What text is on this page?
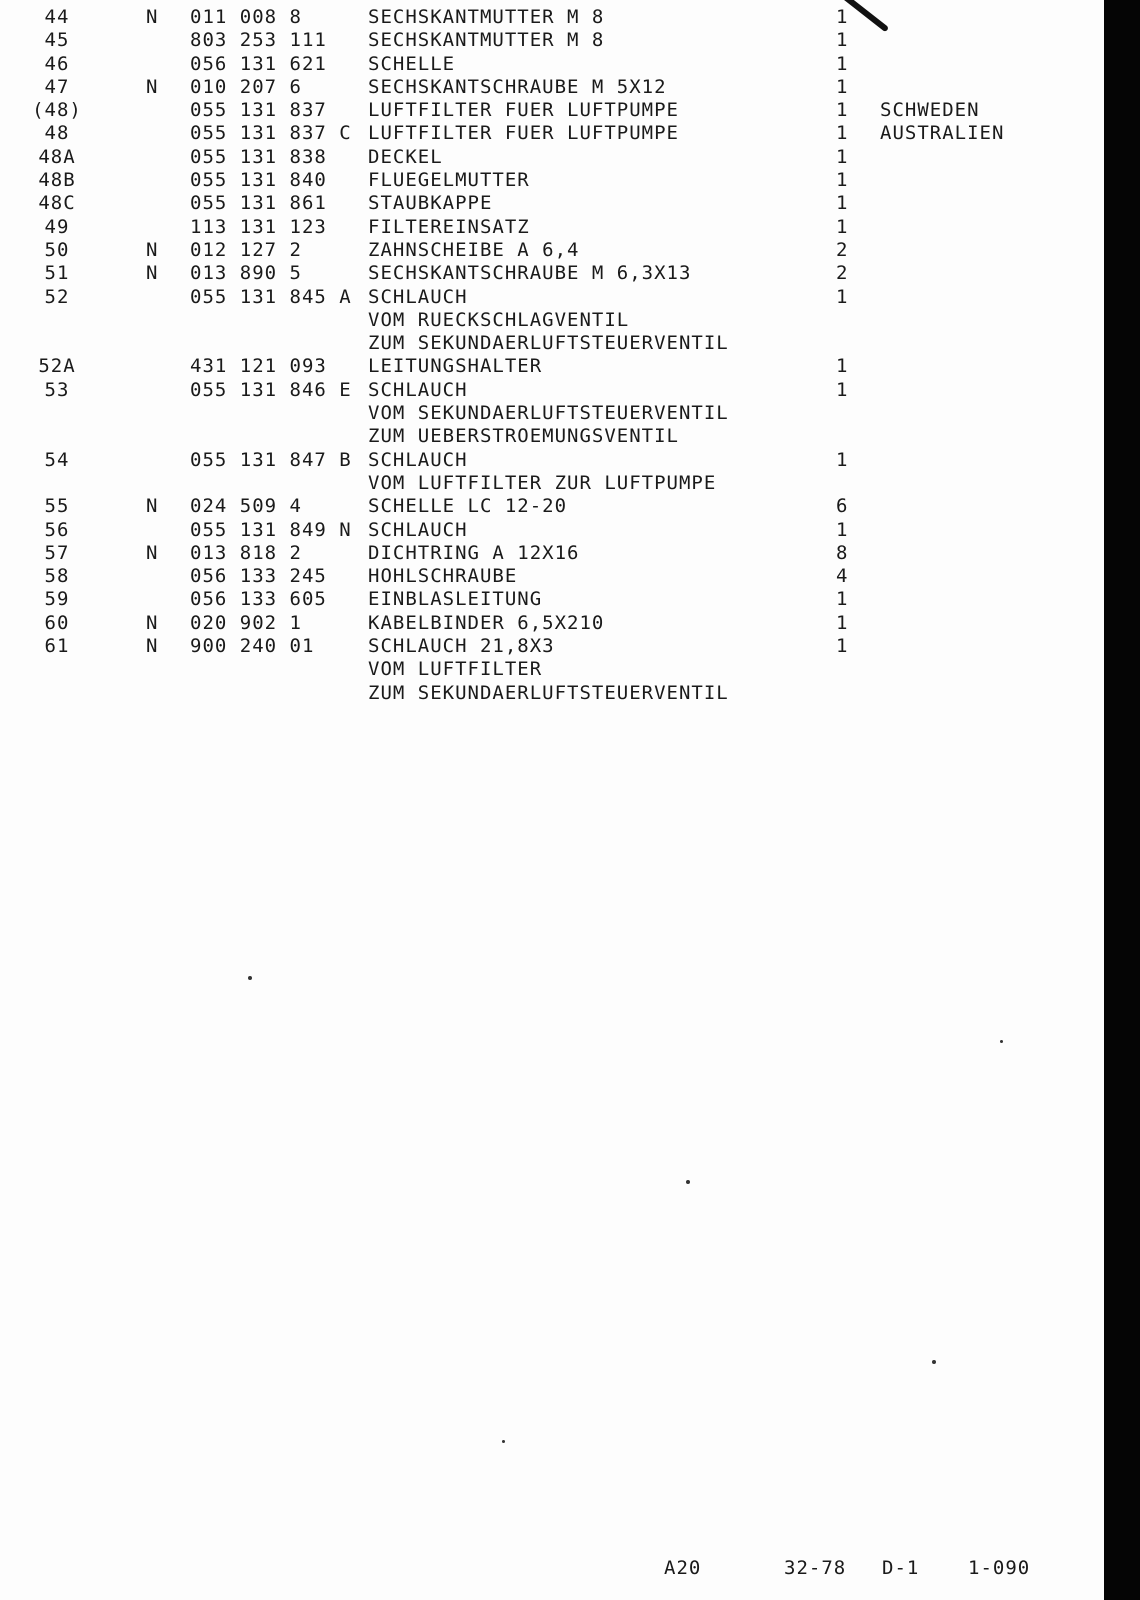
44	N 011 008 8	SECHSKANTMUTTER M 8	1
45	803 253 111 SECHSKANTMUTTER M 8	1
46	056 131 621 SCHELLE	1
47	N 010 207 6	SECHSKANTSCHRAUBE M 5X12	1
(48)	055 131 837 LUFTFILTER FUER LUFTPUMPE	1 SCHWEDEN
48	055 131 837 C LUFTFILTER FUER LUFTPUMPE	1 AUSTRALIEN
48A	055 131 838 DECKEL	1
48B	055 131 840 FLUEGELMUTTER	1
48C	055 131 861 STAUBKAPPE	1
49	113 131 123 FILTEREINSATZ	1
50	N 012 127 2	ZAHNSCHEIBE A 6,4	2
51	N 013 890 5	SECHSKANTSCHRAUBE M 6,3X13	2
52	055 131 845 A SCHLAUCH	1
VOM RUECKSCHLAGVENTIL
ZUM SEKUNDAERLUFTSTEUERVENTIL
52A	431 121 093 LEITUNGSHALTER	1
53	055 131 846 E SCHLAUCH	1
VOM SEKUNDAERLUFTSTEUERVENTIL
ZUM UEBERSTROEMUNGSVENTIL
54	055 131 847 B SCHLAUCH	1
VOM LUFTFILTER ZUR LUFTPUMPE
55	N 024 509 4	SCHELLE LC 12-20	6
56	055 131 849 N SCHLAUCH	1
57	N 013 818 2	DICHTRING A 12X16	8
58	056 133 245 HOHLSCHRAUBE	4
59	056 133 605 EINBLASLEITUNG	1
60	N 020 902 1	KABELBINDER 6,5X210	1
61	N 900 240 01	SCHLAUCH 21,8X3	1
VOM LUFTFILTER
ZUM SEKUNDAERLUFTSTEUERVENTIL
A20	32-78 D-1	1-090
